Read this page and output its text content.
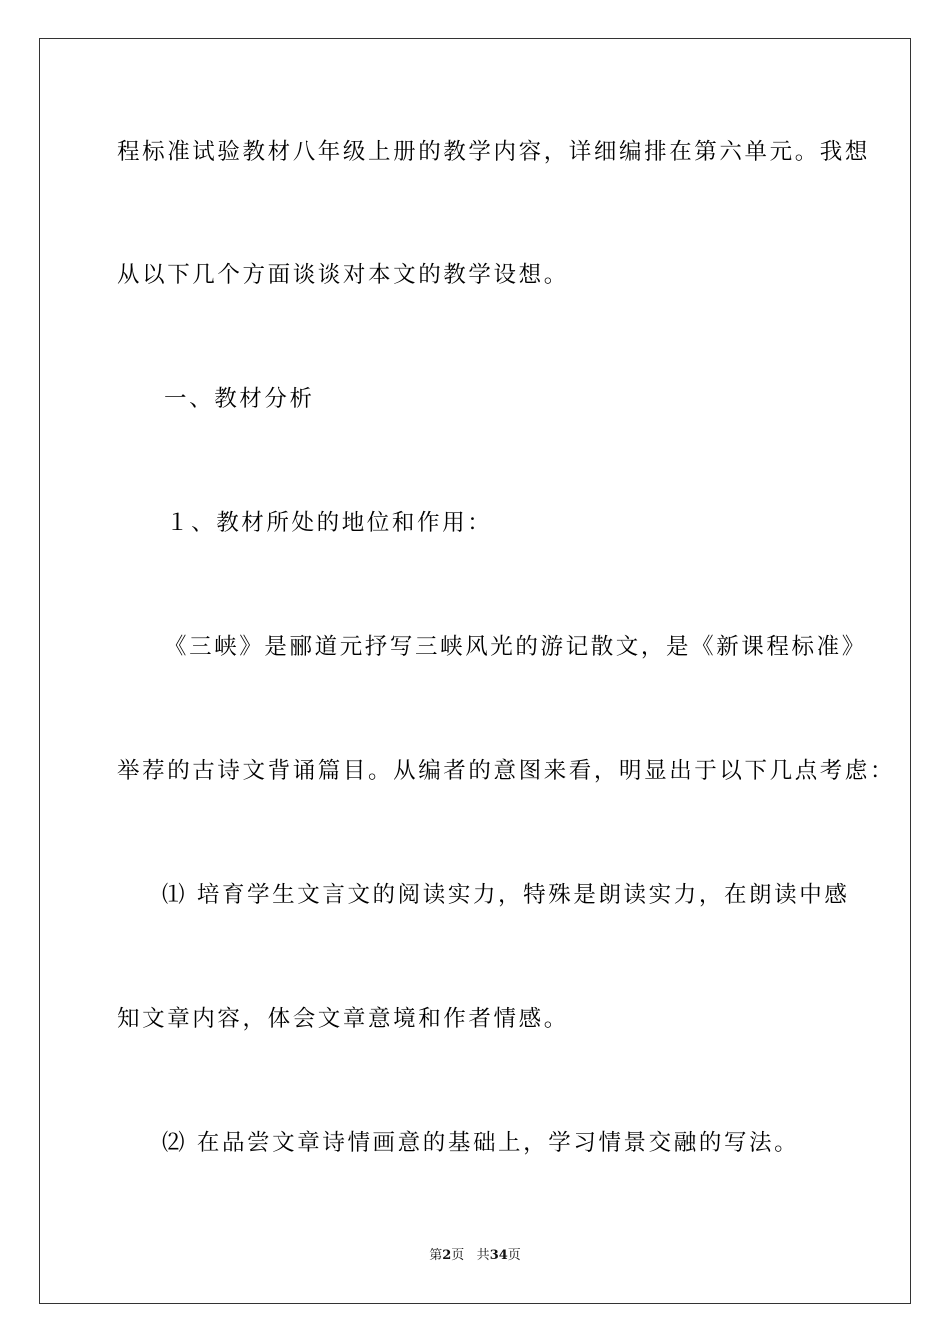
程标准试验教材八年级上册的教学内容，详细编排在第六单元。我想
从以下几个方面谈谈对本文的教学设想。
一、教材分析
１、教材所处的地位和作用：
《三峡》是郦道元抒写三峡风光的游记散文，是《新课程标准》
举荐的古诗文背诵篇目。从编者的意图来看，明显出于以下几点考虑：
⑴ 培育学生文言文的阅读实力，特殊是朗读实力，在朗读中感
知文章内容，体会文章意境和作者情感。
⑵ 在品尝文章诗情画意的基础上，学习情景交融的写法。
第2页 共34页
